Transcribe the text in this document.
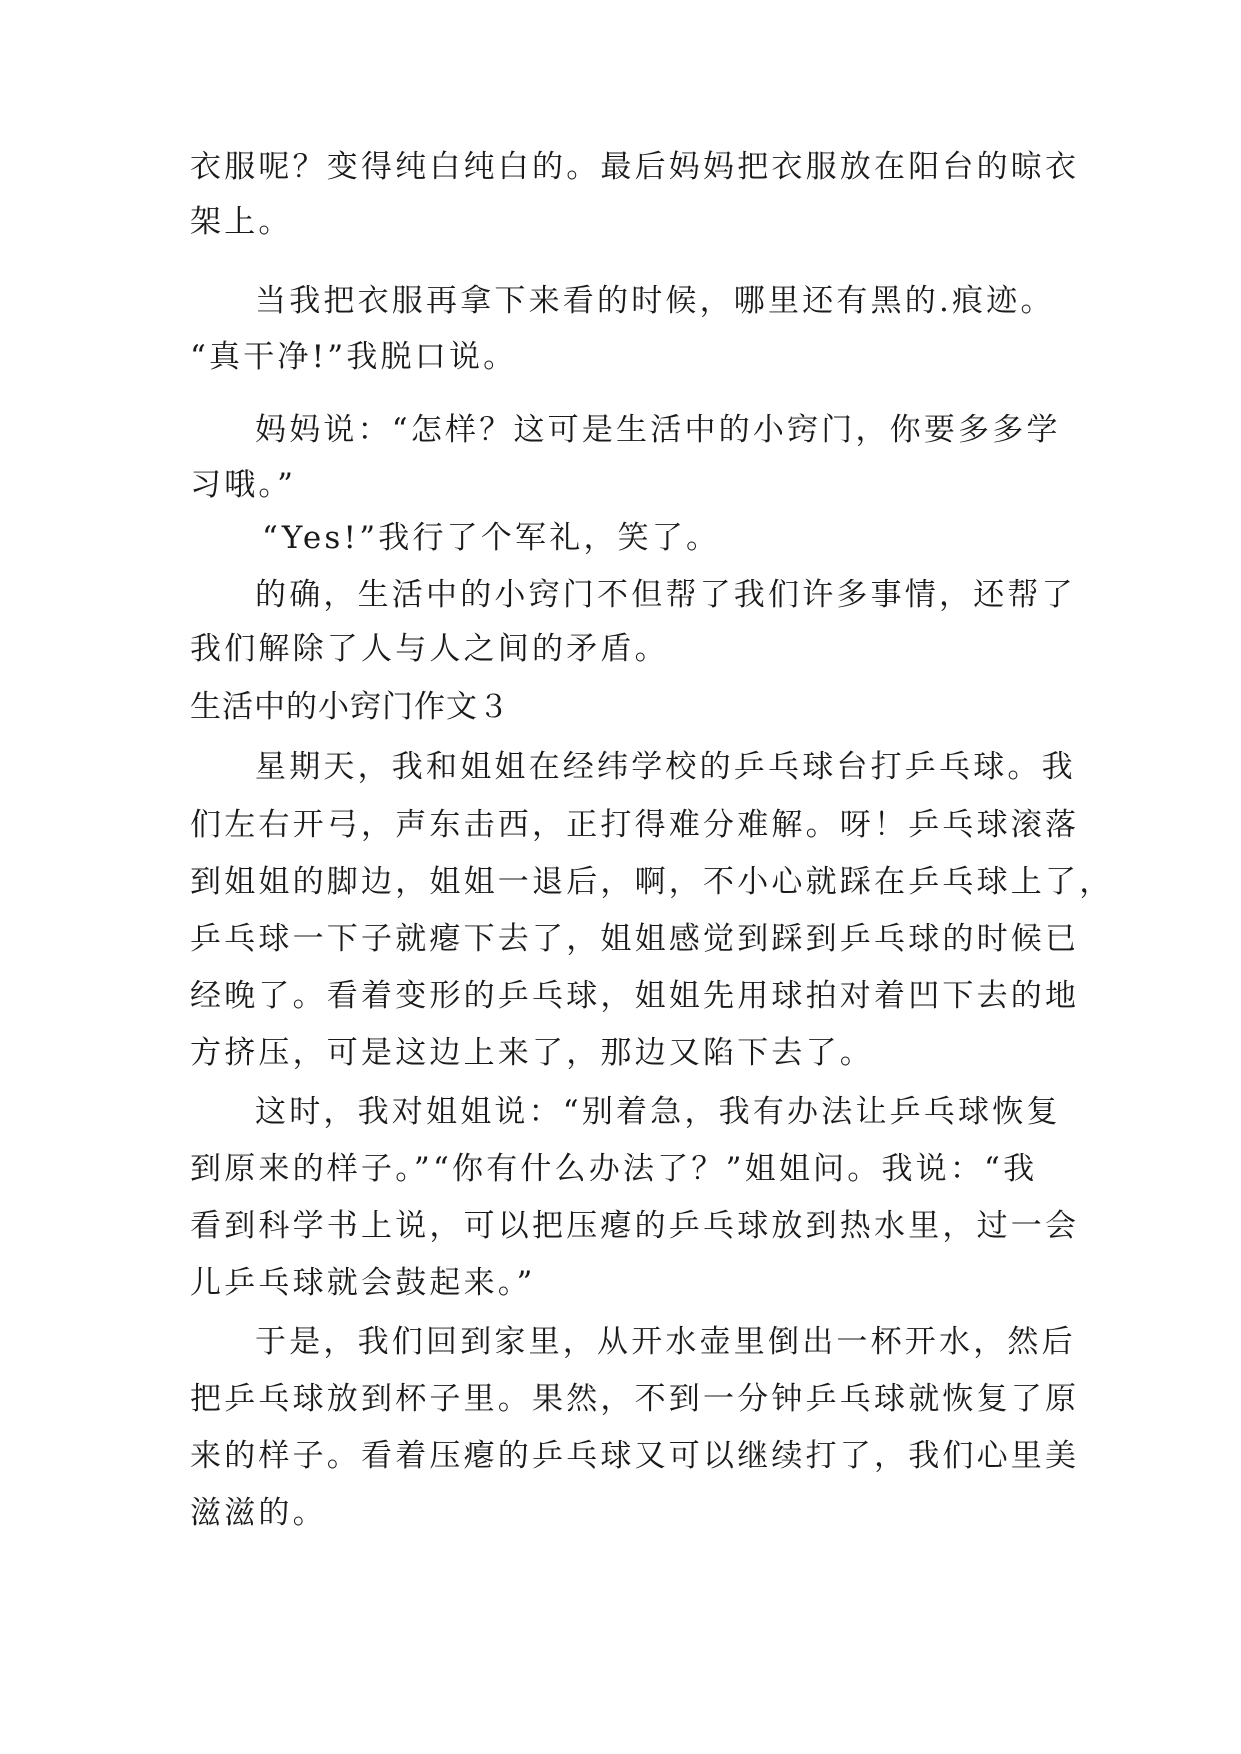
衣服呢？变得纯白纯白的。最后妈妈把衣服放在阳台的晾衣
架上。
当我把衣服再拿下来看的时候，哪里还有黑的.痕迹。
“真干净!”我脱口说。
妈妈说：“怎样？这可是生活中的小窍门，你要多多学
习哦。”
“Yes!”我行了个军礼，笑了。
的确，生活中的小窍门不但帮了我们许多事情，还帮了
我们解除了人与人之间的矛盾。
生活中的小窍门作文３
星期天，我和姐姐在经纬学校的乒乓球台打乒乓球。我
们左右开弓，声东击西，正打得难分难解。呀！乒乓球滚落
到姐姐的脚边，姐姐一退后，啊，不小心就踩在乒乓球上了，
乒乓球一下子就瘪下去了，姐姐感觉到踩到乒乓球的时候已
经晚了。看着变形的乒乓球，姐姐先用球拍对着凹下去的地
方挤压，可是这边上来了，那边又陷下去了。
这时，我对姐姐说：“别着急，我有办法让乒乓球恢复
到原来的样子。”“你有什么办法了？”姐姐问。我说：“我
看到科学书上说，可以把压瘪的乒乓球放到热水里，过一会
儿乒乓球就会鼓起来。”
于是，我们回到家里，从开水壶里倒出一杯开水，然后
把乒乓球放到杯子里。果然，不到一分钟乒乓球就恢复了原
来的样子。看着压瘪的乒乓球又可以继续打了，我们心里美
滋滋的。
